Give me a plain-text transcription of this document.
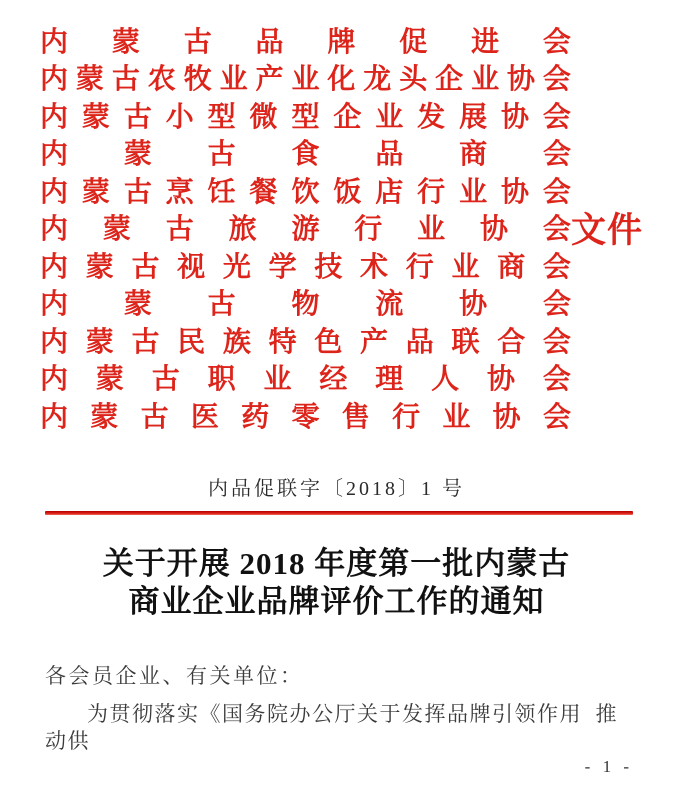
内 蒙 古 品 牌 促 进 会
内 蒙 古 农 牧 业 产 业 化 龙 头 企 业 协 会
内 蒙 古 小 型 微 型 企 业 发 展 协 会
内 蒙 古 食 品 商 会
内 蒙 古 烹 饪 餐 饮 饭 店 行 业 协 会
内 蒙 古 旅 游 行 业 协 会
内 蒙 古 视 光 学 技 术 行 业 商 会
内 蒙 古 物 流 协 会
内 蒙 古 民 族 特 色 产 品 联 合 会
内 蒙 古 职 业 经 理 人 协 会
内 蒙 古 医 药 零 售 行 业 协 会
文件
内品促联字〔2018〕1 号
关于开展 2018 年度第一批内蒙古
商业企业品牌评价工作的通知
各会员企业、有关单位：
为贯彻落实《国务院办公厅关于发挥品牌引领作用  推动供
- 1 -
